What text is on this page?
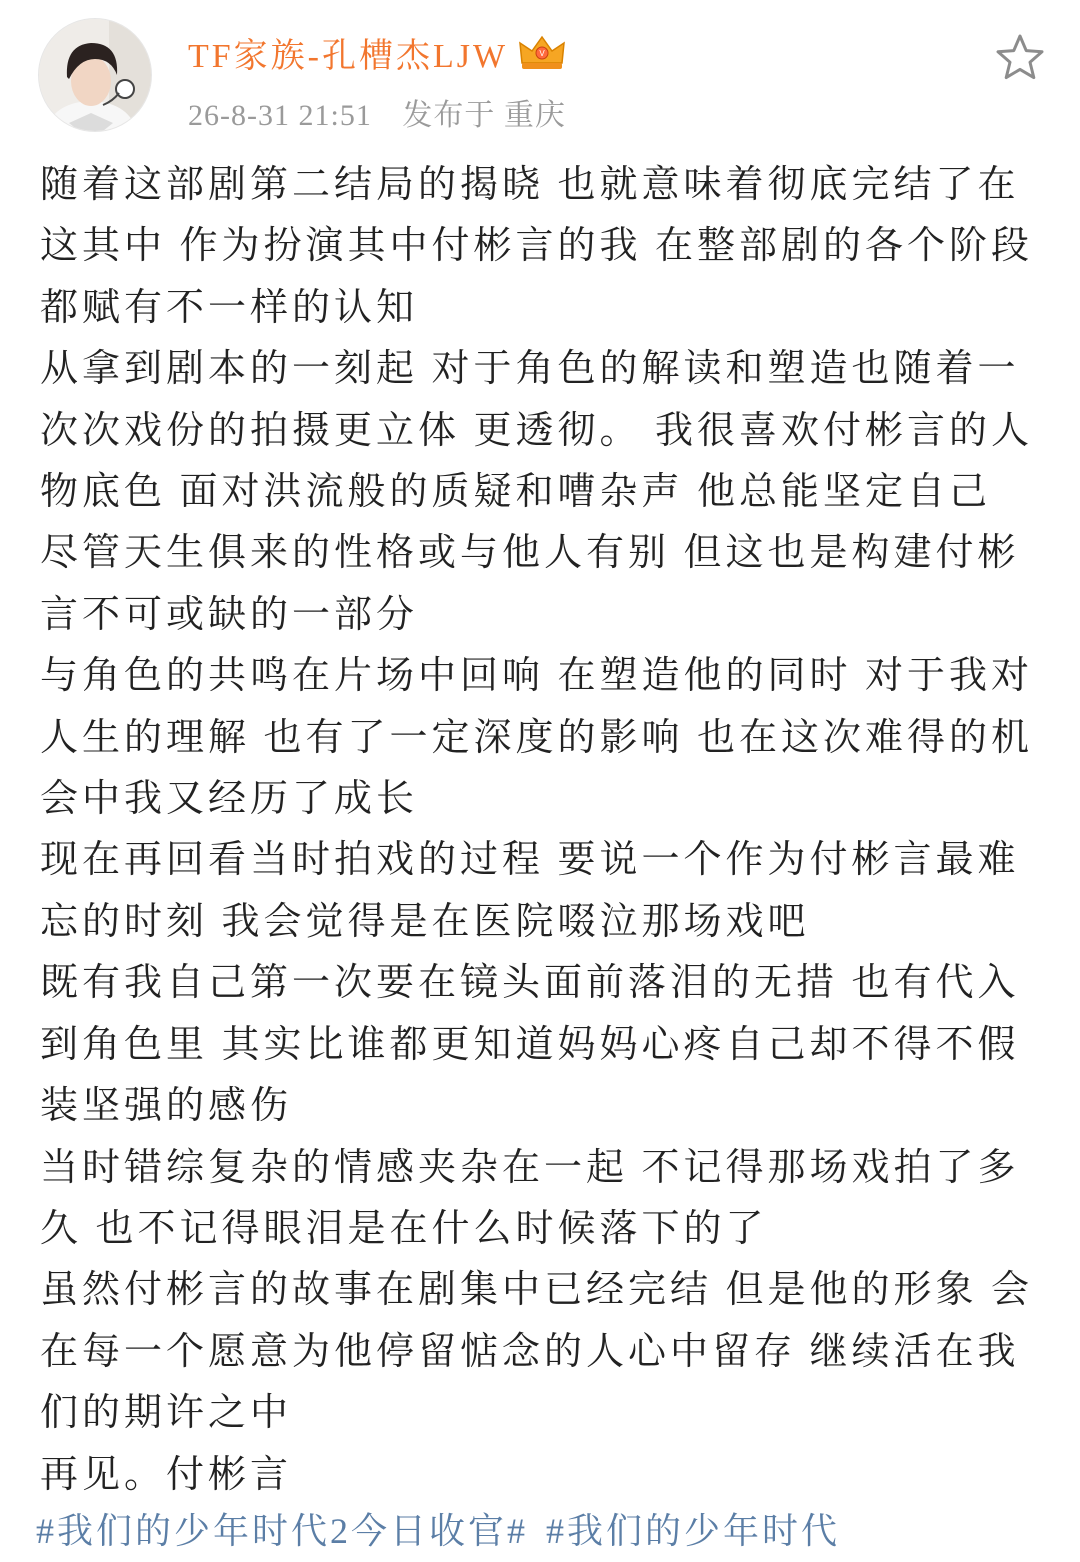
TF家族-孔槽杰LJW	V
26-8-31 21:51 发布于 重庆

随着这部剧第二结局的揭晓 也就意味着彻底完结了在这其中 作为扮演其中付彬言的我 在整部剧的各个阶段 都赋有不一样的认知

从拿到剧本的一刻起 对于角色的解读和塑造也随着一次次戏份的拍摄更立体 更透彻。 我很喜欢付彬言的人物底色 面对洪流般的质疑和嘈杂声 他总能坚定自己

尽管天生俱来的性格或与他人有别 但这也是构建付彬言不可或缺的一部分

与角色的共鸣在片场中回响 在塑造他的同时 对于我对人生的理解 也有了一定深度的影响 也在这次难得的机会中我又经历了成长

现在再回看当时拍戏的过程 要说一个作为付彬言最难忘的时刻 我会觉得是在医院啜泣那场戏吧

既有我自己第一次要在镜头面前落泪的无措 也有代入到角色里 其实比谁都更知道妈妈心疼自己却不得不假装坚强的感伤

当时错综复杂的情感夹杂在一起 不记得那场戏拍了多久 也不记得眼泪是在什么时候落下的了

虽然付彬言的故事在剧集中已经完结 但是他的形象 会在每一个愿意为他停留惦念的人心中留存 继续活在我们的期许之中

再见。付彬言

#我们的少年时代2今日收官# #我们的少年时代
